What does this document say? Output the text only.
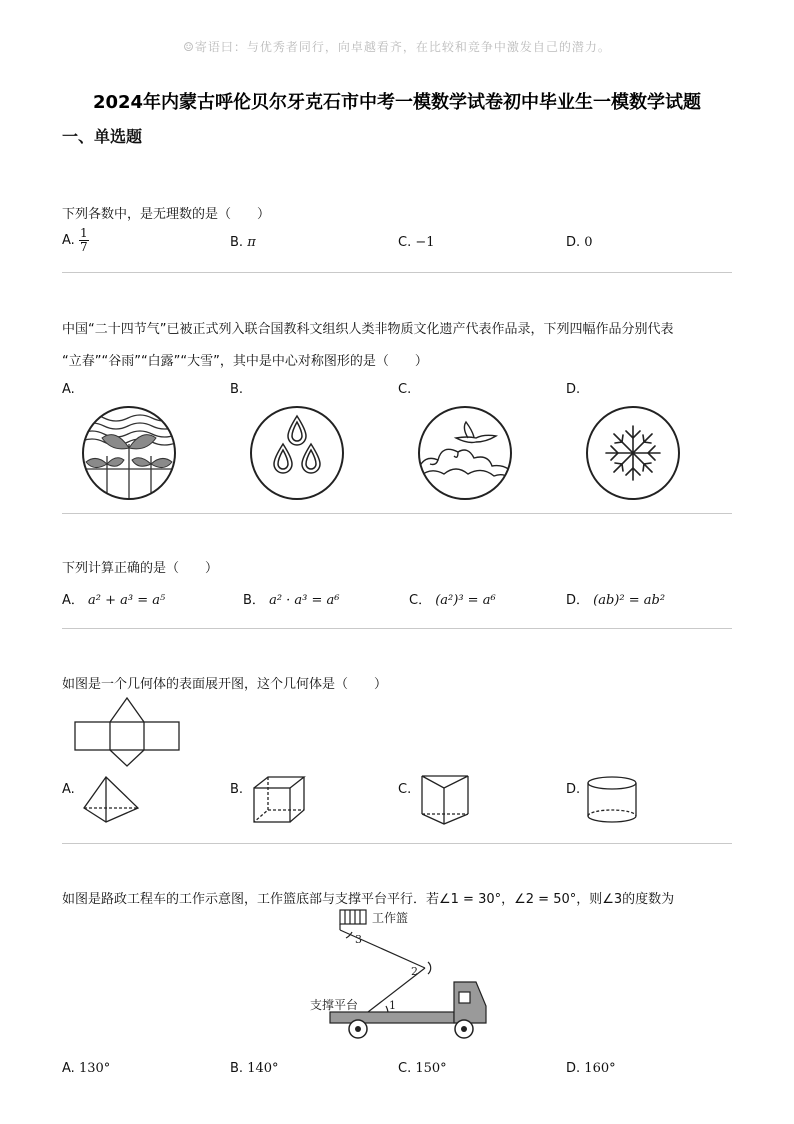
☺寄语曰：与优秀者同行，向卓越看齐，在比较和竞争中激发自己的潜力。
2024年内蒙古呼伦贝尔牙克石市中考一模数学试卷初中毕业生一模数学试题
一、单选题
下列各数中，是无理数的是（　　）
A. $\frac{1}{7}$	B. π	C. −1	D. 0
中国“二十四节气”已被正式列入联合国教科文组织人类非物质文化遗产代表作品录，下列四幅作品分别代表
“立春”“谷雨”“白露”“大雪”，其中是中心对称图形的是（　　）
A.	B.	C.	D.
下列计算正确的是（　　）
A． a² + a³ = a⁵	B． a² · a³ = a⁶	C． (a²)³ = a⁶	D． (ab)² = ab²
如图是一个几何体的表面展开图，这个几何体是（　　）
A.	B.	C.	D.
如图是路政工程车的工作示意图，工作篮底部与支撑平台平行．若∠1 = 30°，∠2 = 50°，则∠3的度数为
工作篮
支撑平台
3
2
1
A. 130°	B. 140°	C. 150°	D. 160°
